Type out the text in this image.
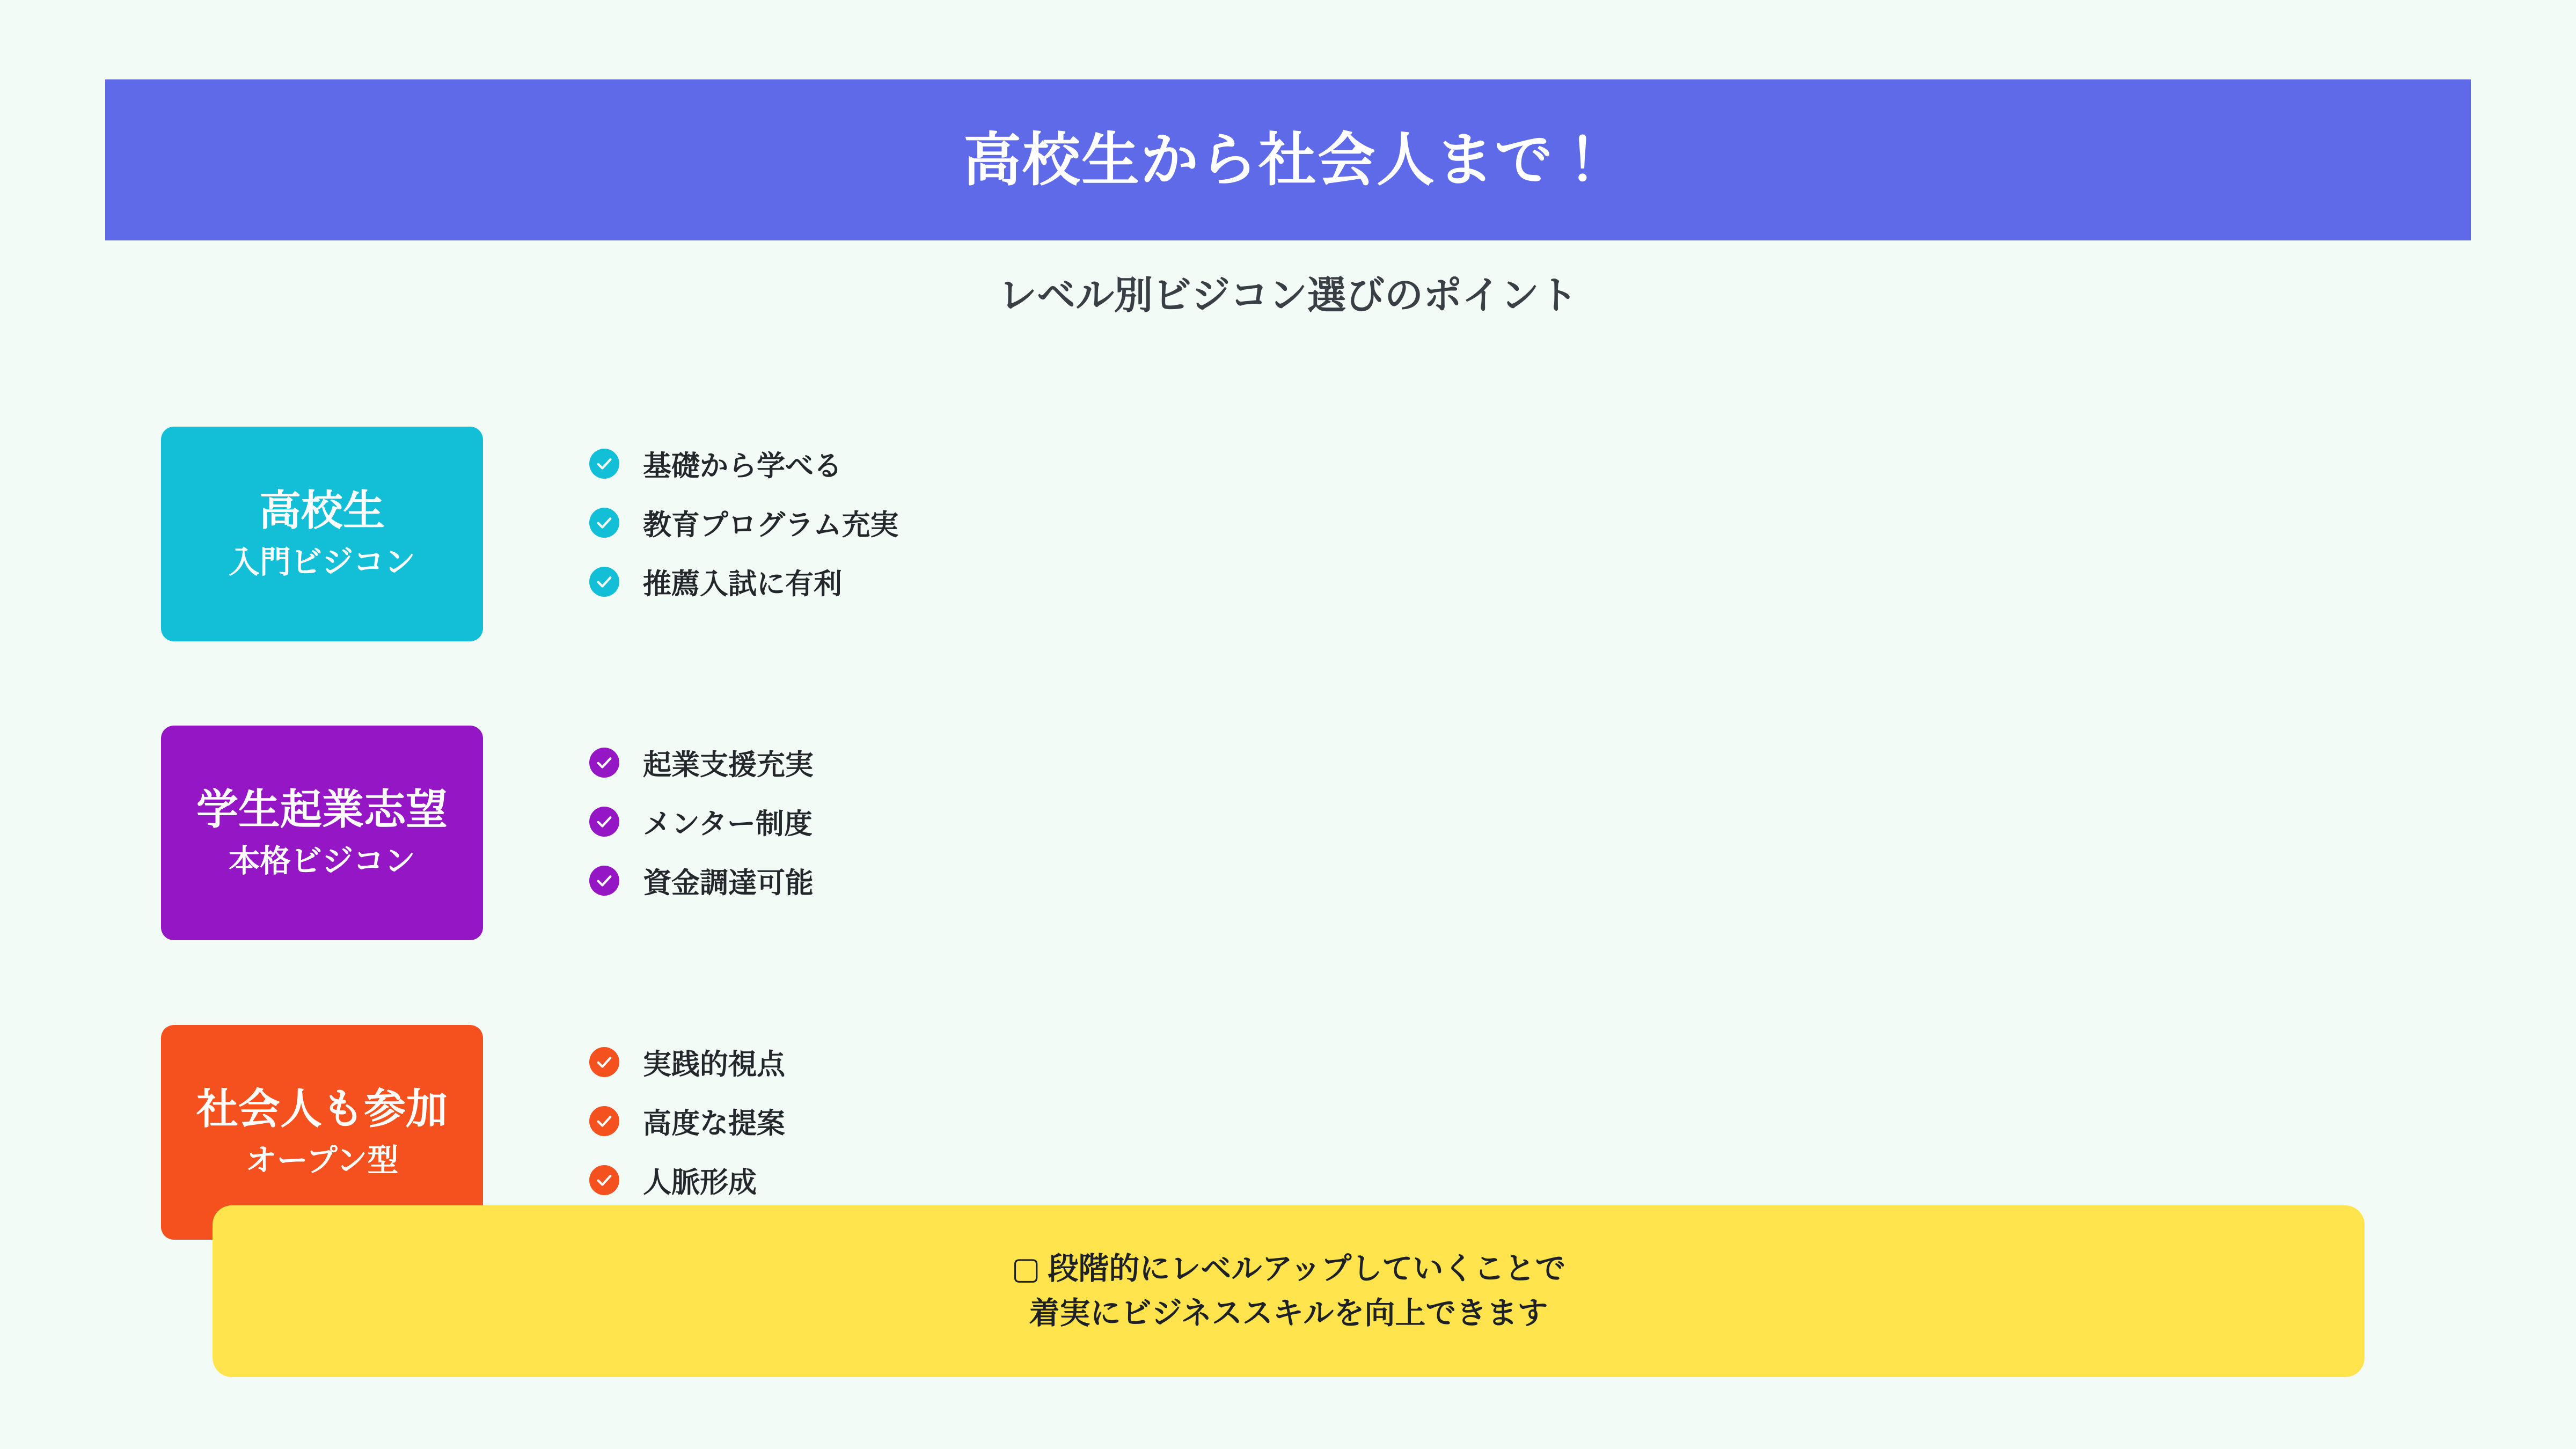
高校生から社会人まで！
レベル別ビジコン選びのポイント
高校生
入門ビジコン
基礎から学べる
教育プログラム充実
推薦入試に有利
学生起業志望
本格ビジコン
起業支援充実
メンター制度
資金調達可能
社会人も参加
オープン型
実践的視点
高度な提案
人脈形成
▢ 段階的にレベルアップしていくことで
着実にビジネススキルを向上できます
